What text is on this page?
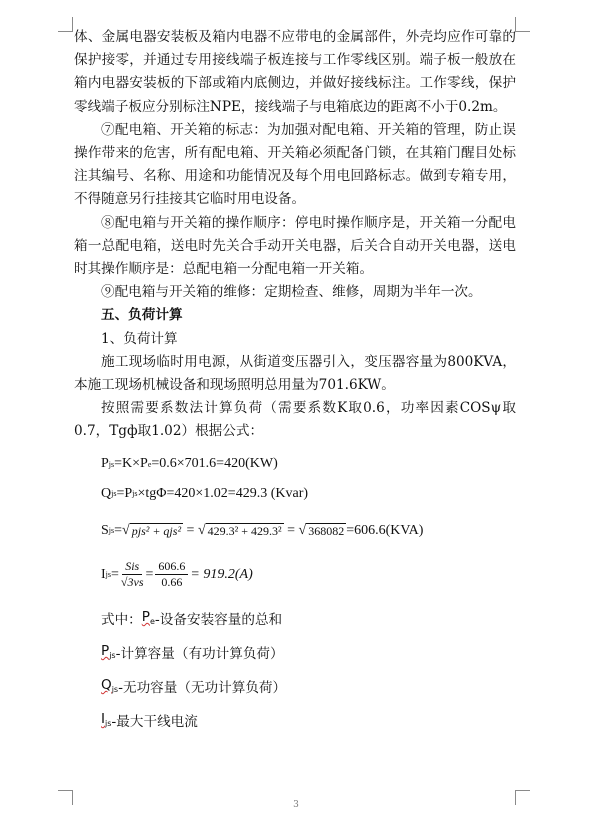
体、金属电器安装板及箱内电器不应带电的金属部件，外壳均应作可靠的保护接零，并通过专用接线端子板连接与工作零线区别。端子板一般放在箱内电器安装板的下部或箱内底侧边，并做好接线标注。工作零线，保护零线端子板应分别标注NPE，接线端子与电箱底边的距离不小于0.2m。

⑦配电箱、开关箱的标志：为加强对配电箱、开关箱的管理，防止误操作带来的危害，所有配电箱、开关箱必须配备门锁，在其箱门醒目处标注其编号、名称、用途和功能情况及每个用电回路标志。做到专箱专用，不得随意另行挂接其它临时用电设备。

⑧配电箱与开关箱的操作顺序：停电时操作顺序是，开关箱一分配电箱一总配电箱，送电时先关合手动开关电器，后关合自动开关电器，送电时其操作顺序是：总配电箱一分配电箱一开关箱。

⑨配电箱与开关箱的维修：定期检查、维修，周期为半年一次。

五、负荷计算

1、负荷计算

施工现场临时用电源，从街道变压器引入，变压器容量为800KVA，本施工现场机械设备和现场照明总用量为701.6KW。

按照需要系数法计算负荷（需要系数K取0.6，功率因素COSψ取0.7，Tgф取1.02）根据公式：

P js =K×P e =0.6×701.6=420(KW)
Q js =P js ×tgΦ=420×1.02=429.3 (Kvar)
S js = √ pjs² + qjs² = √ 429.3² + 429.3² = √ 368082 =606.6(KVA)
I js = $\frac{\text{Sis}}{√3vs} = \frac{606.6}{0.66} = 919.2(A)$
式中： $P_e$ -设备安装容量的总和
$P_{js}$ -计算容量（有功计算负荷）
$Q_{js}$ -无功容量（无功计算负荷）
$I_{js}$ -最大干线电流
3
